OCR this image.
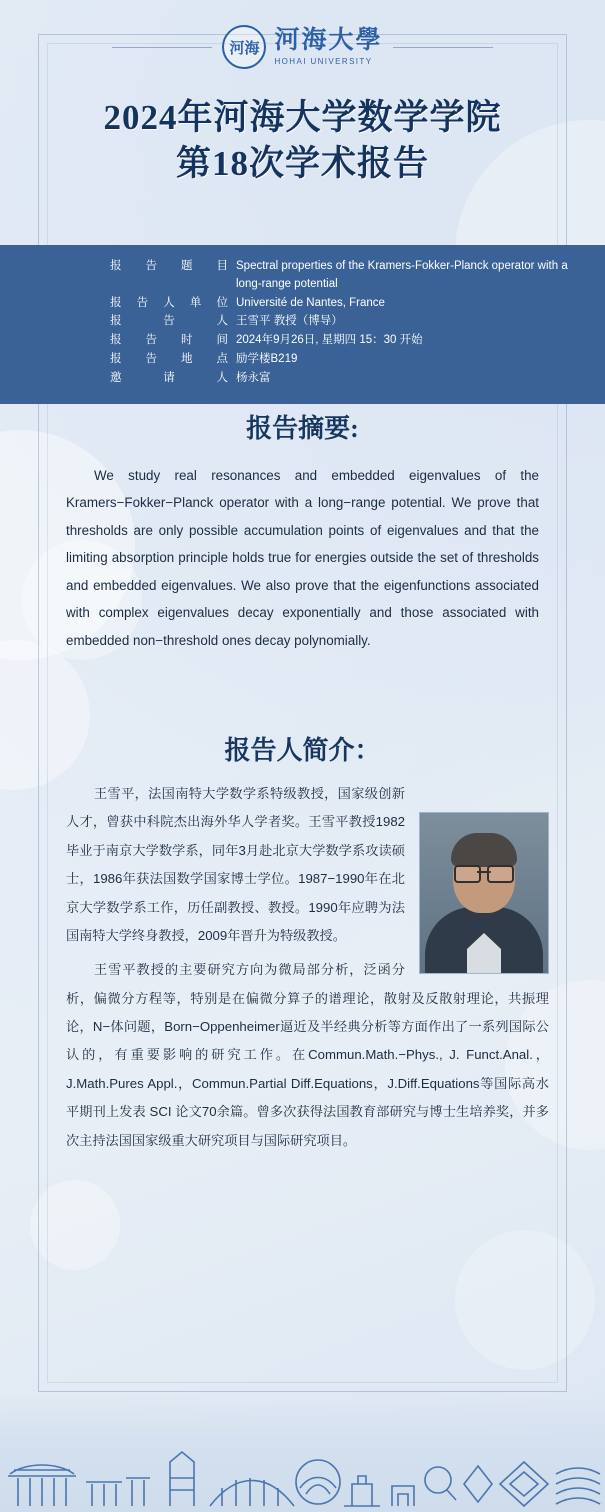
河海 河海大學
HOHAI UNIVERSITY
2024年河海大学数学学院
第18次学术报告
报告题目 Spectral properties of the Kramers-Fokker-Planck operator with a long-range potential
报告人单位 Université de Nantes, France
报告人 王雪平 教授（博导）
报告时间 2024年9月26日, 星期四 15：30 开始
报告地点 励学楼B219
邀请人 杨永富
报告摘要:
We study real resonances and embedded eigenvalues of the Kramers−Fokker−Planck operator with a long−range potential. We prove that thresholds are only possible accumulation points of eigenvalues and that the limiting absorption principle holds true for energies outside the set of thresholds and embedded eigenvalues. We also prove that the eigenfunctions associated with complex eigenvalues decay exponentially and those associated with embedded non−threshold ones decay polynomially.
报告人简介：

王雪平，法国南特大学数学系特级教授，国家级创新人才，曾获中科院杰出海外华人学者奖。王雪平教授1982毕业于南京大学数学系，同年3月赴北京大学数学系攻读硕士，1986年获法国数学国家博士学位。1987−1990年在北京大学数学系工作，历任副教授、教授。1990年应聘为法国南特大学终身教授，2009年晋升为特级教授。

王雪平教授的主要研究方向为微局部分析，泛函分析，偏微分方程等，特别是在偏微分算子的谱理论，散射及反散射理论，共振理论，N−体问题，Born−Oppenheimer逼近及半经典分析等方面作出了一系列国际公认的，有重要影响的研究工作。在Commun.Math.−Phys., J. Funct.Anal.，J.Math.Pures Appl.，Commun.Partial Diff.Equations，J.Diff.Equations等国际高水平期刊上发表 SCI 论文70余篇。曾多次获得法国教育部研究与博士生培养奖，并多次主持法国国家级重大研究项目与国际研究项目。
